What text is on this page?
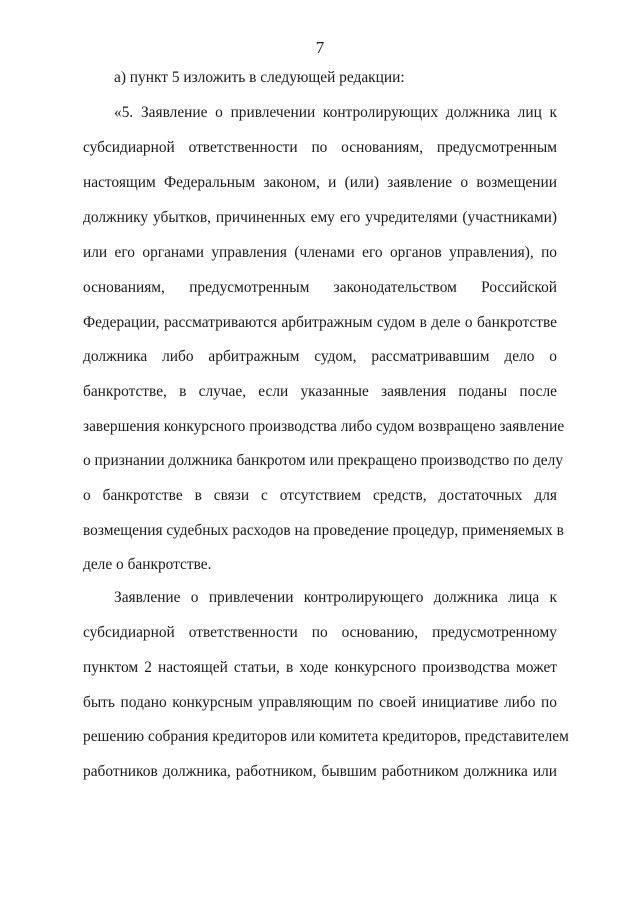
7
а) пункт 5 изложить в следующей редакции:
«5. Заявление о привлечении контролирующих должника лиц к
субсидиарной ответственности по основаниям, предусмотренным
настоящим Федеральным законом, и (или) заявление о возмещении
должнику убытков, причиненных ему его учредителями (участниками)
или его органами управления (членами его органов управления), по
основаниям, предусмотренным законодательством Российской
Федерации, рассматриваются арбитражным судом в деле о банкротстве
должника либо арбитражным судом, рассматривавшим дело о
банкротстве, в случае, если указанные заявления поданы после
завершения конкурсного производства либо судом возвращено заявление
о признании должника банкротом или прекращено производство по делу
о банкротстве в связи с отсутствием средств, достаточных для
возмещения судебных расходов на проведение процедур, применяемых в
деле о банкротстве.
Заявление о привлечении контролирующего должника лица к
субсидиарной ответственности по основанию, предусмотренному
пунктом 2 настоящей статьи, в ходе конкурсного производства может
быть подано конкурсным управляющим по своей инициативе либо по
решению собрания кредиторов или комитета кредиторов, представителем
работников должника, работником, бывшим работником должника или
